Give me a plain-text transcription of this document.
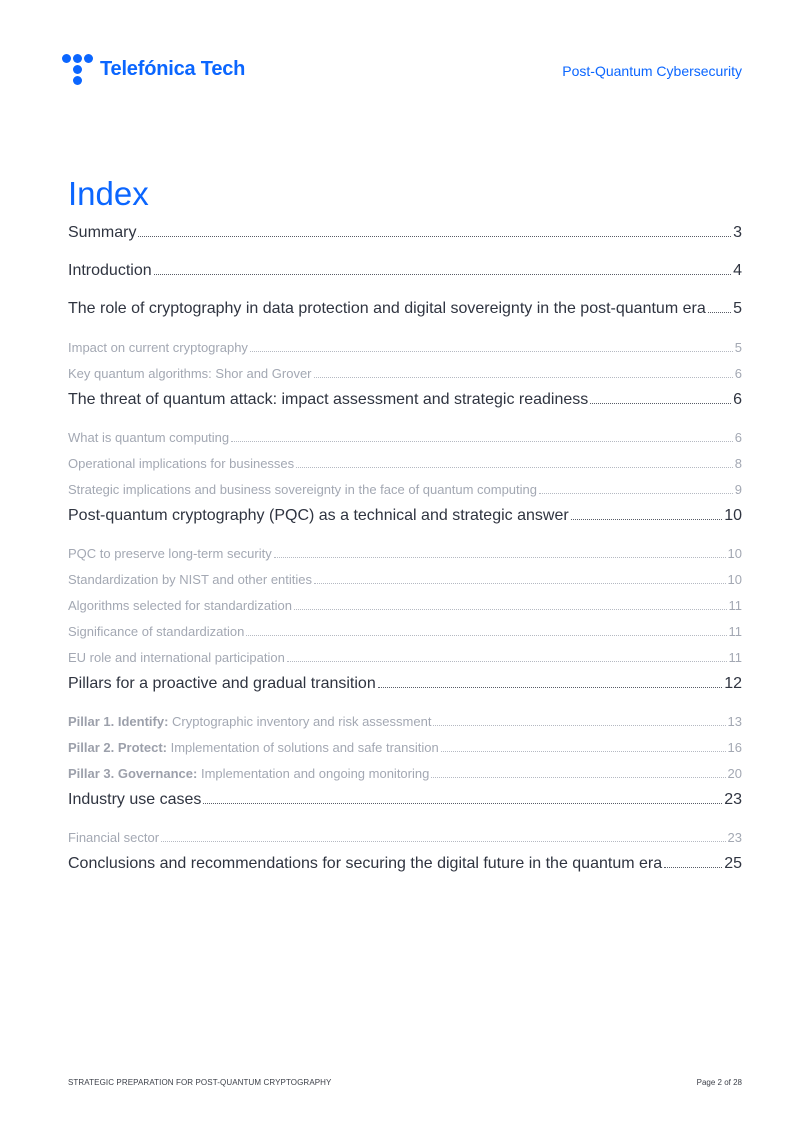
Telefónica Tech	Post-Quantum Cybersecurity
Index
Summary	3
Introduction	4
The role of cryptography in data protection and digital sovereignty in the post-quantum era 5
Impact on current cryptography	5
Key quantum algorithms: Shor and Grover	6
The threat of quantum attack: impact assessment and strategic readiness	6
What is quantum computing	6
Operational implications for businesses	8
Strategic implications and business sovereignty in the face of quantum computing	9
Post-quantum cryptography (PQC) as a technical and strategic answer	10
PQC to preserve long-term security	10
Standardization by NIST and other entities	10
Algorithms selected for standardization	11
Significance of standardization	11
EU role and international participation	11
Pillars for a proactive and gradual transition	12
Pillar 1. Identify: Cryptographic inventory and risk assessment	13
Pillar 2. Protect: Implementation of solutions and safe transition	16
Pillar 3. Governance: Implementation and ongoing monitoring	20
Industry use cases	23
Financial sector	23
Conclusions and recommendations for securing the digital future in the quantum era	25
STRATEGIC PREPARATION FOR POST-QUANTUM CRYPTOGRAPHY	Page 2 of 28
